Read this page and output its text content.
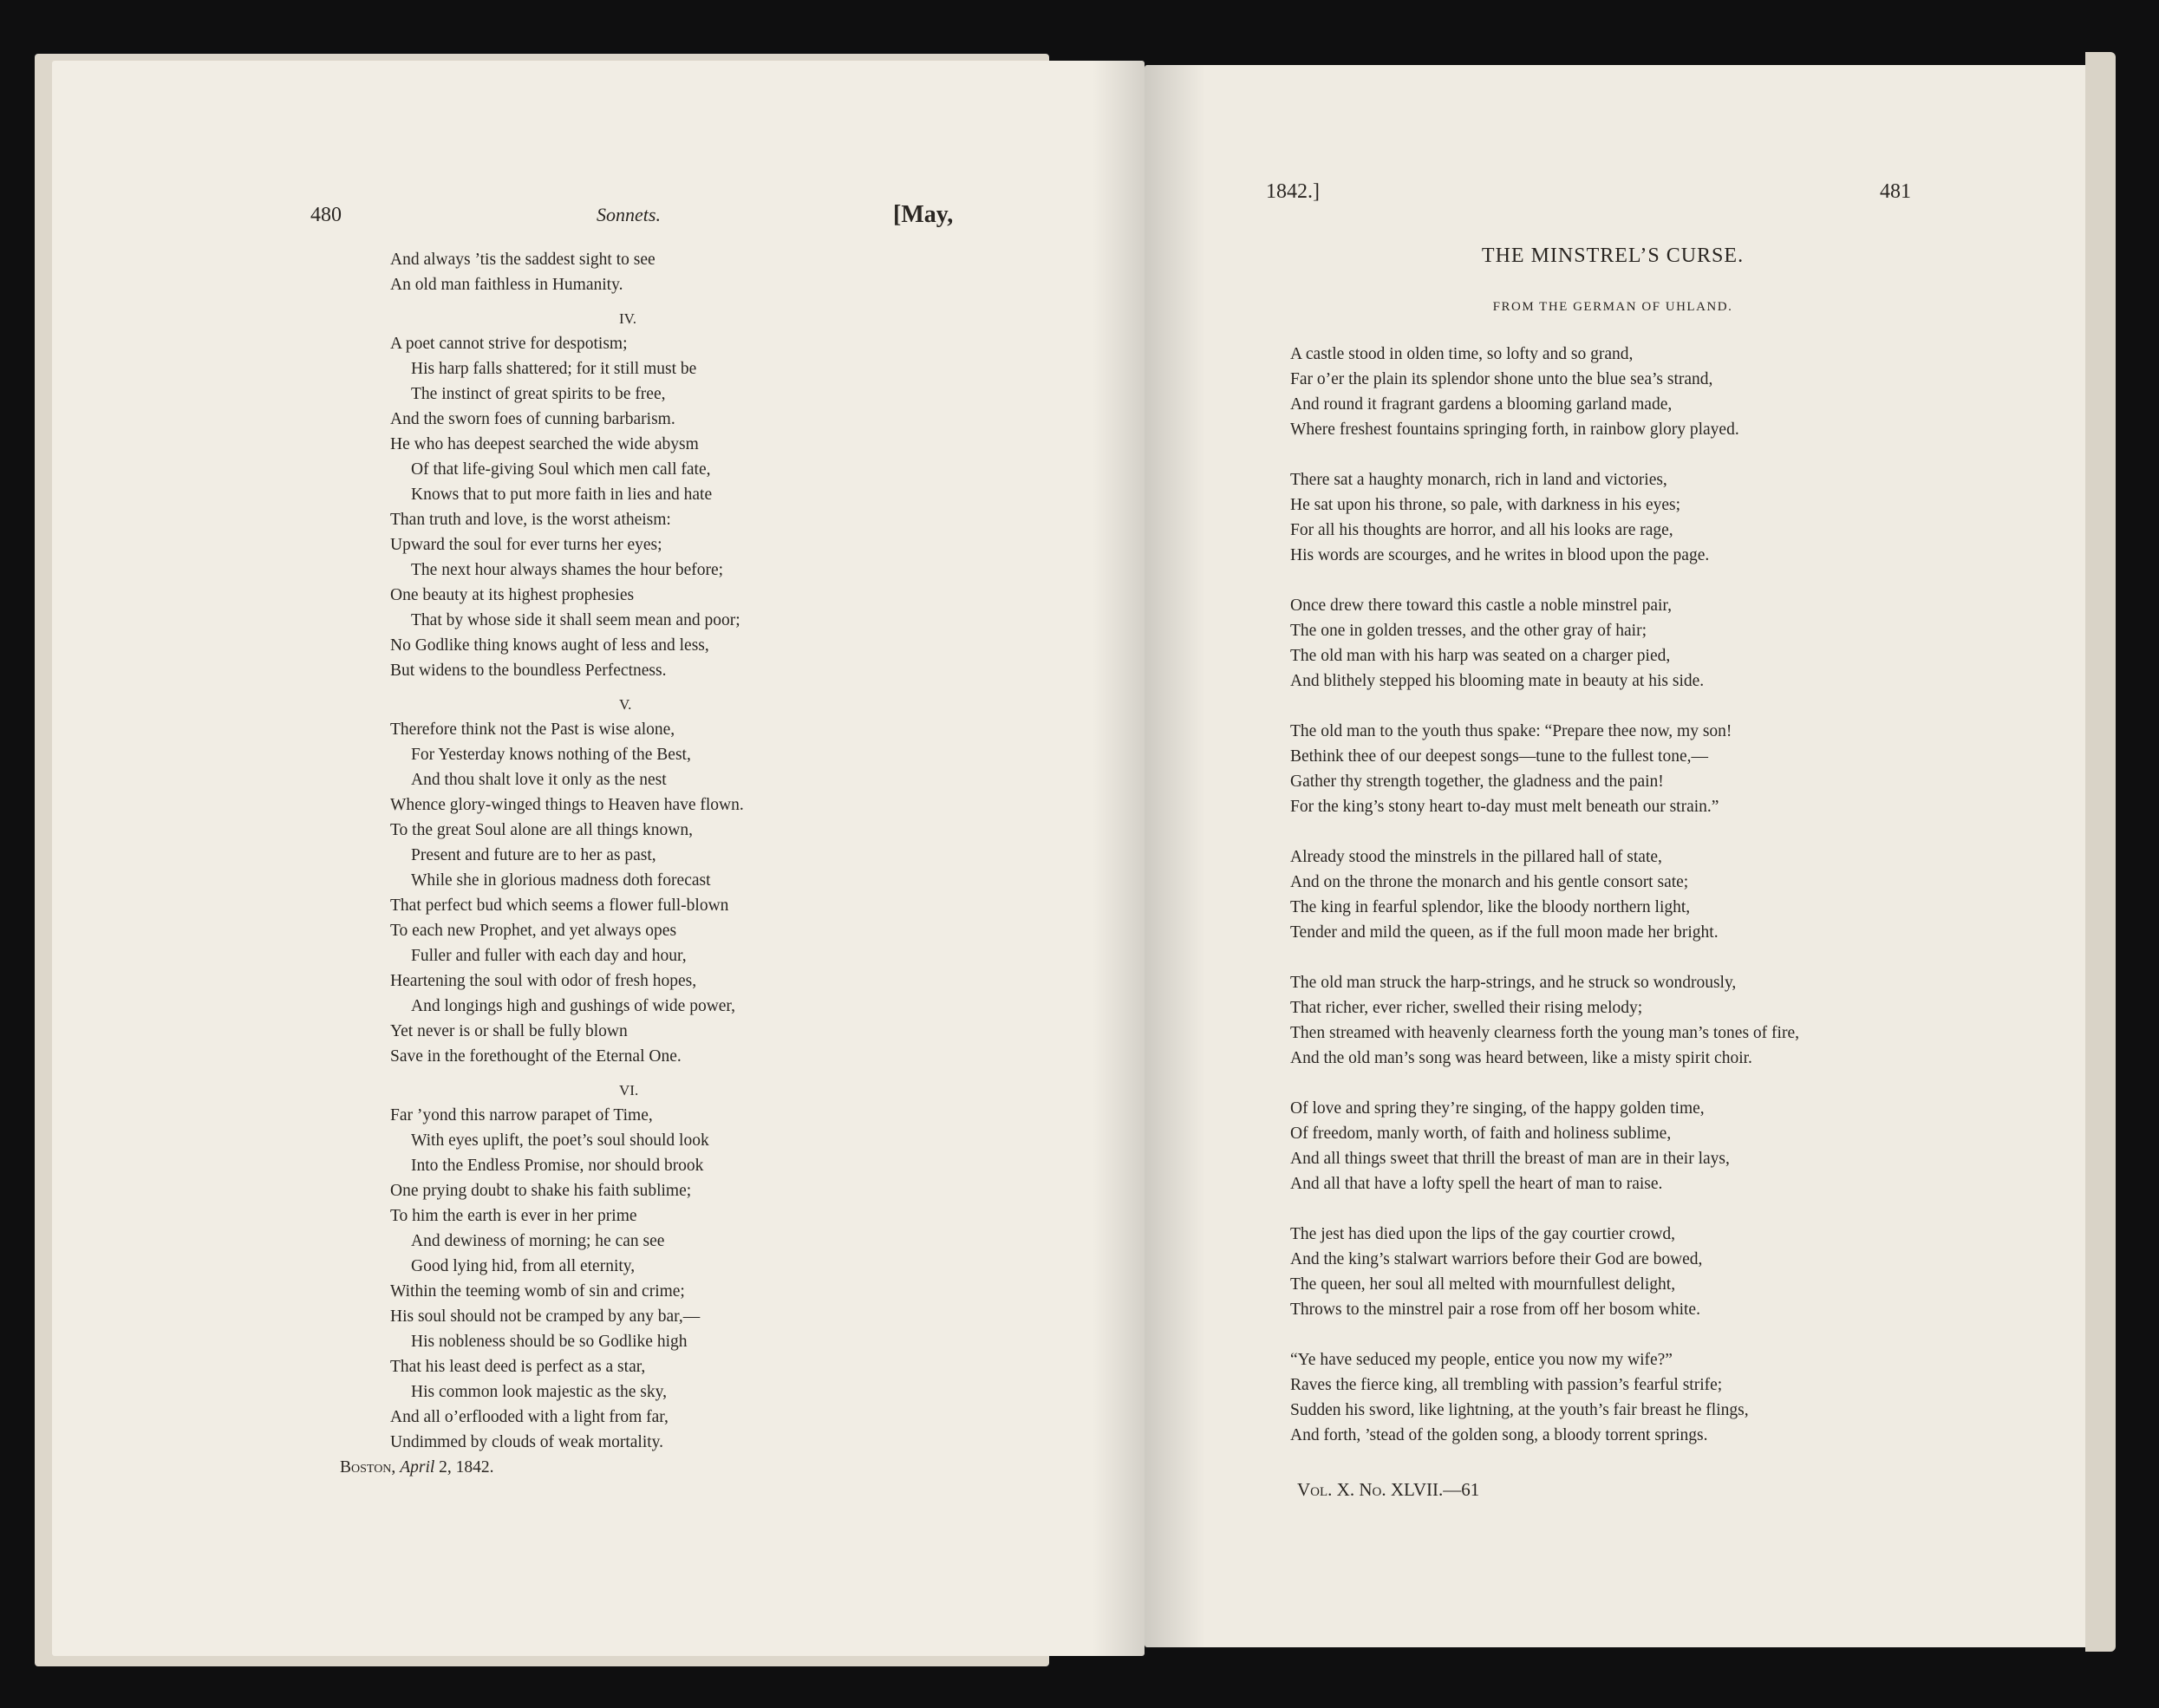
480	Sonnets.	[May,
And always ’tis the saddest sight to see
An old man faithless in Humanity.
IV.
A poet cannot strive for despotism;
His harp falls shattered; for it still must be
The instinct of great spirits to be free,
And the sworn foes of cunning barbarism.
He who has deepest searched the wide abysm
Of that life-giving Soul which men call fate,
Knows that to put more faith in lies and hate
Than truth and love, is the worst atheism:
Upward the soul for ever turns her eyes;
The next hour always shames the hour before;
One beauty at its highest prophesies
That by whose side it shall seem mean and poor;
No Godlike thing knows aught of less and less,
But widens to the boundless Perfectness.
V.
Therefore think not the Past is wise alone,
For Yesterday knows nothing of the Best,
And thou shalt love it only as the nest
Whence glory-winged things to Heaven have flown.
To the great Soul alone are all things known,
Present and future are to her as past,
While she in glorious madness doth forecast
That perfect bud which seems a flower full-blown
To each new Prophet, and yet always opes
Fuller and fuller with each day and hour,
Heartening the soul with odor of fresh hopes,
And longings high and gushings of wide power,
Yet never is or shall be fully blown
Save in the forethought of the Eternal One.
VI.
Far ’yond this narrow parapet of Time,
With eyes uplift, the poet’s soul should look
Into the Endless Promise, nor should brook
One prying doubt to shake his faith sublime;
To him the earth is ever in her prime
And dewiness of morning; he can see
Good lying hid, from all eternity,
Within the teeming womb of sin and crime;
His soul should not be cramped by any bar,—
His nobleness should be so Godlike high
That his least deed is perfect as a star,
His common look majestic as the sky,
And all o’erflooded with a light from far,
Undimmed by clouds of weak mortality.
Boston, April 2, 1842.
1842.]	481
THE MINSTREL’S CURSE.
FROM THE GERMAN OF UHLAND.
A castle stood in olden time, so lofty and so grand,
Far o’er the plain its splendor shone unto the blue sea’s strand,
And round it fragrant gardens a blooming garland made,
Where freshest fountains springing forth, in rainbow glory played.
There sat a haughty monarch, rich in land and victories,
He sat upon his throne, so pale, with darkness in his eyes;
For all his thoughts are horror, and all his looks are rage,
His words are scourges, and he writes in blood upon the page.
Once drew there toward this castle a noble minstrel pair,
The one in golden tresses, and the other gray of hair;
The old man with his harp was seated on a charger pied,
And blithely stepped his blooming mate in beauty at his side.
The old man to the youth thus spake: “Prepare thee now, my son!
Bethink thee of our deepest songs—tune to the fullest tone,—
Gather thy strength together, the gladness and the pain!
For the king’s stony heart to-day must melt beneath our strain.”
Already stood the minstrels in the pillared hall of state,
And on the throne the monarch and his gentle consort sate;
The king in fearful splendor, like the bloody northern light,
Tender and mild the queen, as if the full moon made her bright.
The old man struck the harp-strings, and he struck so wondrously,
That richer, ever richer, swelled their rising melody;
Then streamed with heavenly clearness forth the young man’s tones of fire,
And the old man’s song was heard between, like a misty spirit choir.
Of love and spring they’re singing, of the happy golden time,
Of freedom, manly worth, of faith and holiness sublime,
And all things sweet that thrill the breast of man are in their lays,
And all that have a lofty spell the heart of man to raise.
The jest has died upon the lips of the gay courtier crowd,
And the king’s stalwart warriors before their God are bowed,
The queen, her soul all melted with mournfullest delight,
Throws to the minstrel pair a rose from off her bosom white.
“Ye have seduced my people, entice you now my wife?”
Raves the fierce king, all trembling with passion’s fearful strife;
Sudden his sword, like lightning, at the youth’s fair breast he flings,
And forth, ’stead of the golden song, a bloody torrent springs.
Vol. X. No. XLVII.—61
